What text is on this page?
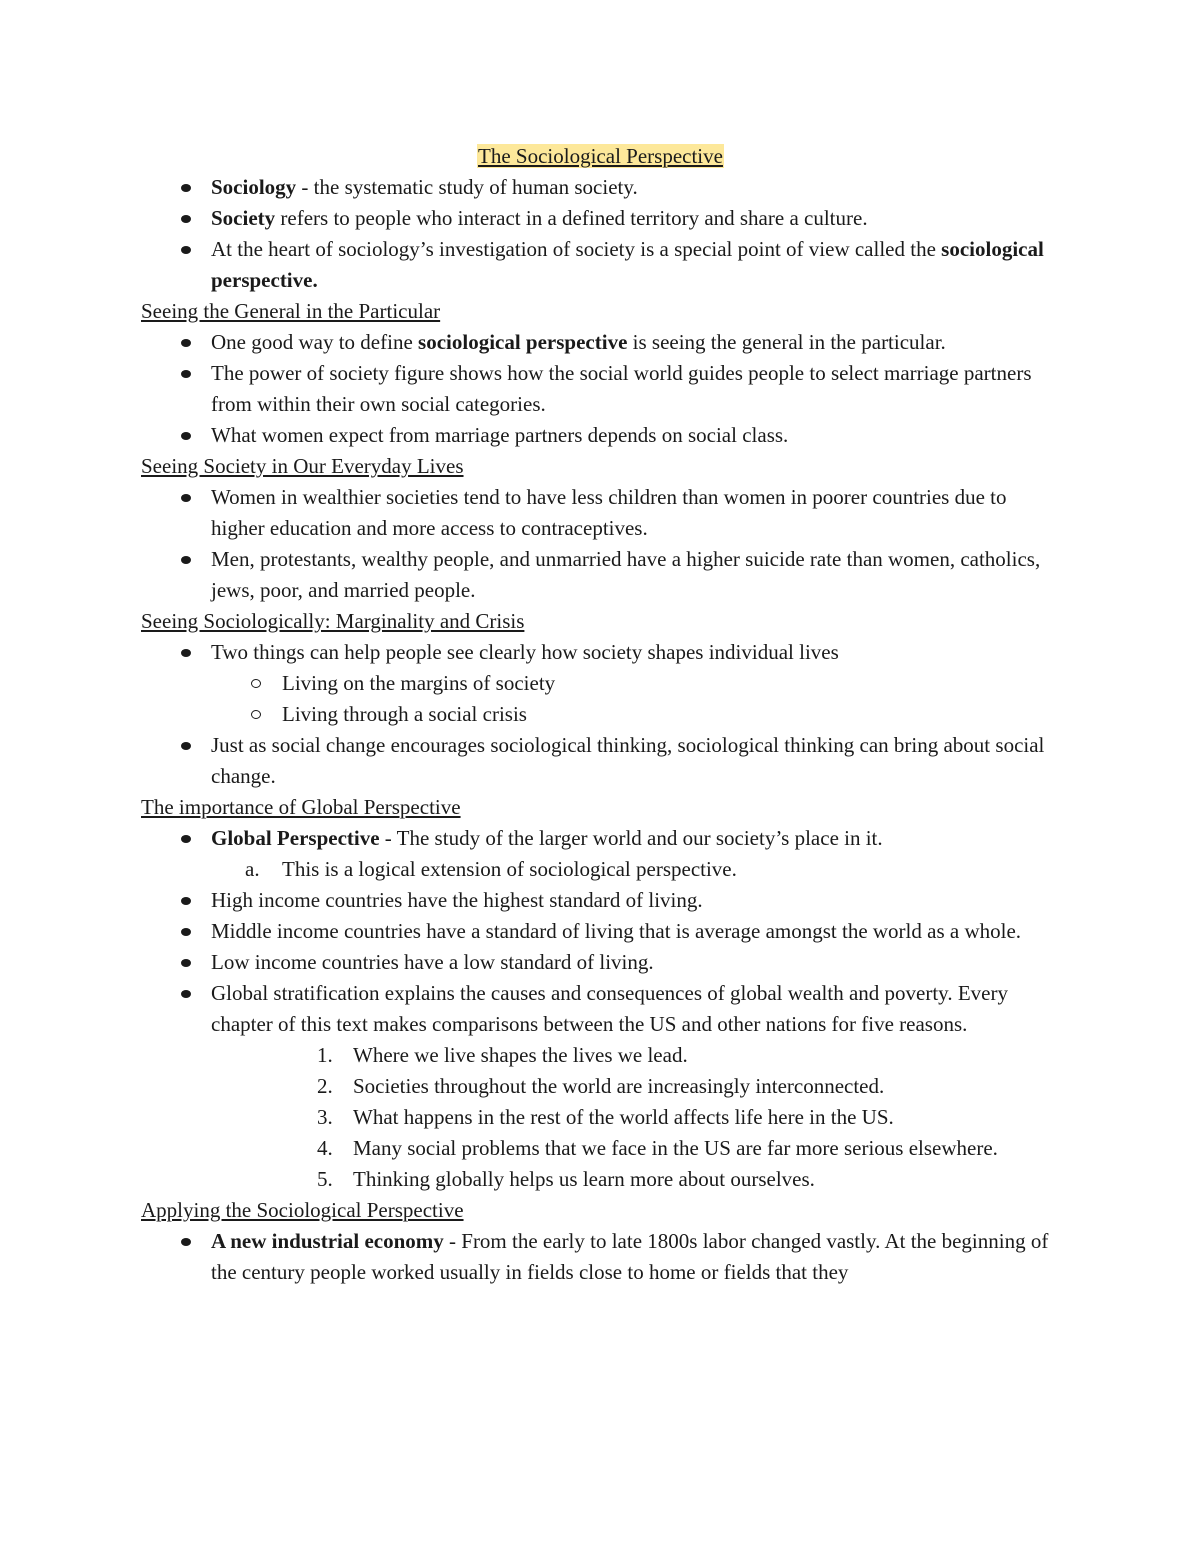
The Sociological Perspective
Sociology - the systematic study of human society.
Society refers to people who interact in a defined territory and share a culture.
At the heart of sociology’s investigation of society is a special point of view called the sociological perspective.
Seeing the General in the Particular
One good way to define sociological perspective is seeing the general in the particular.
The power of society figure shows how the social world guides people to select marriage partners from within their own social categories.
What women expect from marriage partners depends on social class.
Seeing Society in Our Everyday Lives
Women in wealthier societies tend to have less children than women in poorer countries due to higher education and more access to contraceptives.
Men, protestants, wealthy people, and unmarried have a higher suicide rate than women, catholics, jews, poor, and married people.
Seeing Sociologically: Marginality and Crisis
Two things can help people see clearly how society shapes individual lives
Living on the margins of society
Living through a social crisis
Just as social change encourages sociological thinking, sociological thinking can bring about social change.
The importance of Global Perspective
Global Perspective - The study of the larger world and our society’s place in it.
a. This is a logical extension of sociological perspective.
High income countries have the highest standard of living.
Middle income countries have a standard of living that is average amongst the world as a whole.
Low income countries have a low standard of living.
Global stratification explains the causes and consequences of global wealth and poverty. Every chapter of this text makes comparisons between the US and other nations for five reasons.
1. Where we live shapes the lives we lead.
2. Societies throughout the world are increasingly interconnected.
3. What happens in the rest of the world affects life here in the US.
4. Many social problems that we face in the US are far more serious elsewhere.
5. Thinking globally helps us learn more about ourselves.
Applying the Sociological Perspective
A new industrial economy - From the early to late 1800s labor changed vastly. At the beginning of the century people worked usually in fields close to home or fields that they
